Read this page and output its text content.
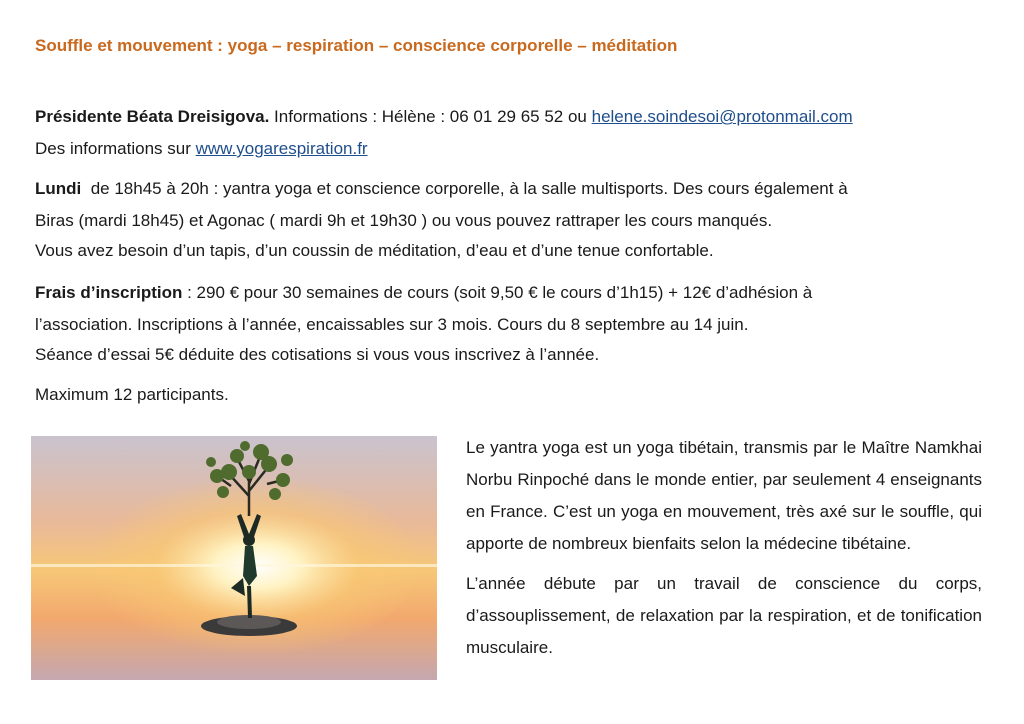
Souffle et mouvement : yoga – respiration – conscience corporelle – méditation
Présidente Béata Dreisigova. Informations : Hélène : 06 01 29 65 52 ou helene.soindesoi@protonmail.com
Des informations sur www.yogarespiration.fr
Lundi  de 18h45 à 20h : yantra yoga et conscience corporelle, à la salle multisports. Des cours également à
Biras (mardi 18h45) et Agonac ( mardi 9h et 19h30 ) ou vous pouvez rattraper les cours manqués.
Vous avez besoin d’un tapis, d’un coussin de méditation, d’eau et d’une tenue confortable.
Frais d’inscription : 290 € pour 30 semaines de cours (soit 9,50 € le cours d’1h15) + 12€ d’adhésion à
l’association. Inscriptions à l’année, encaissables sur 3 mois. Cours du 8 septembre au 14 juin.
Séance d’essai 5€ déduite des cotisations si vous vous inscrivez à l’année.
Maximum 12 participants.

Le yantra yoga est un yoga tibétain, transmis par le Maître Namkhai Norbu Rinpoché dans le monde entier, par seulement 4 enseignants en France. C’est un yoga en mouvement, très axé sur le souffle, qui apporte de nombreux bienfaits selon la médecine tibétaine.

L’année débute par un travail de conscience du corps, d’assouplissement, de relaxation par la respiration, et de tonification musculaire.
